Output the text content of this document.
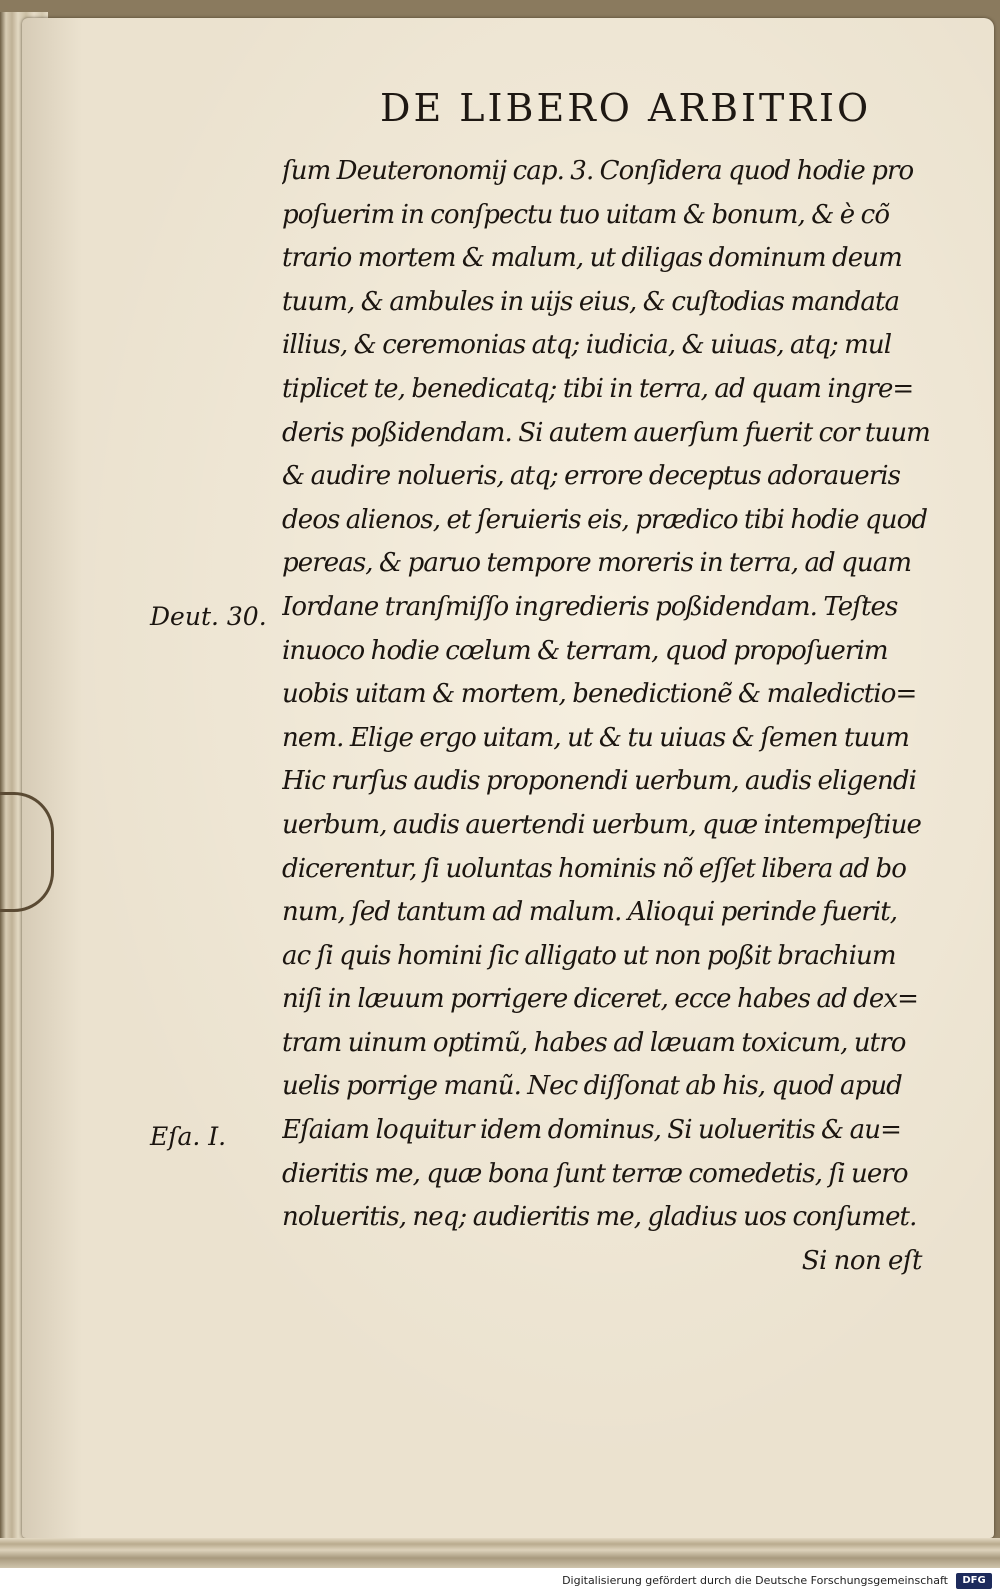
DE LIBERO ARBITRIO
ſum Deuteronomij cap. 3. Conſidera quod hodie pro
poſuerim in conſpectu tuo uitam & bonum, & è cõ
trario mortem & malum, ut diligas dominum deum
tuum, & ambules in uijs eius, & cuſtodias mandata
illius, & ceremonias atq; iudicia, & uiuas, atq; mul
tiplicet te, benedicatq; tibi in terra, ad quam ingre=
deris poßidendam. Si autem auerſum fuerit cor tuum
& audire nolueris, atq; errore deceptus adoraueris
deos alienos, et ſeruieris eis, prædico tibi hodie quod
pereas, & paruo tempore moreris in terra, ad quam
Iordane tranſmiſſo ingredieris poßidendam. Teſtes
inuoco hodie cœlum & terram, quod propoſuerim
uobis uitam & mortem, benedictionẽ & maledictio=
nem. Elige ergo uitam, ut & tu uiuas & ſemen tuum
Hic rurſus audis proponendi uerbum, audis eligendi
uerbum, audis auertendi uerbum, quæ intempeſtiue
dicerentur, ſi uoluntas hominis nõ eſſet libera ad bo
num, ſed tantum ad malum. Alioqui perinde fuerit,
ac ſi quis homini ſic alligato ut non poßit brachium
niſi in læuum porrigere diceret, ecce habes ad dex=
tram uinum optimũ, habes ad læuam toxicum, utro
uelis porrige manũ. Nec diſſonat ab his, quod apud
Eſaiam loquitur idem dominus, Si uolueritis & au=
dieritis me, quæ bona ſunt terræ comedetis, ſi uero
nolueritis, neq; audieritis me, gladius uos conſumet.
Si non eſt
Deut. 30.
Eſa. I.
Digitalisierung gefördert durch die Deutsche Forschungsgemeinschaft	DFG
